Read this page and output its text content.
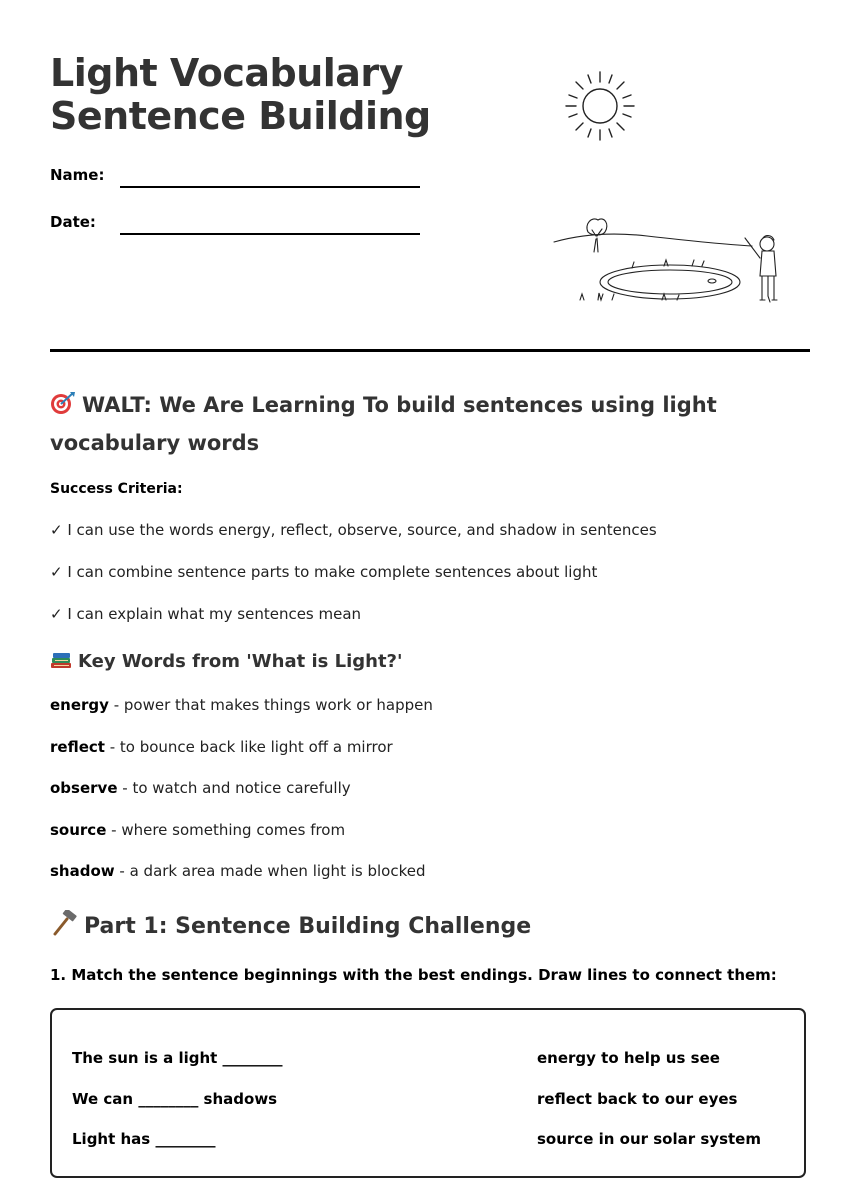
Light Vocabulary
Sentence Building
Name:
Date:
WALT: We Are Learning To build sentences using light vocabulary words
Success Criteria:
✓ I can use the words energy, reflect, observe, source, and shadow in sentences
✓ I can combine sentence parts to make complete sentences about light
✓ I can explain what my sentences mean
Key Words from 'What is Light?'
energy - power that makes things work or happen
reflect - to bounce back like light off a mirror
observe - to watch and notice carefully
source - where something comes from
shadow - a dark area made when light is blocked
Part 1: Sentence Building Challenge
1. Match the sentence beginnings with the best endings. Draw lines to connect them:
The sun is a light ________
We can ________ shadows
Light has ________
energy to help us see
reflect back to our eyes
source in our solar system
